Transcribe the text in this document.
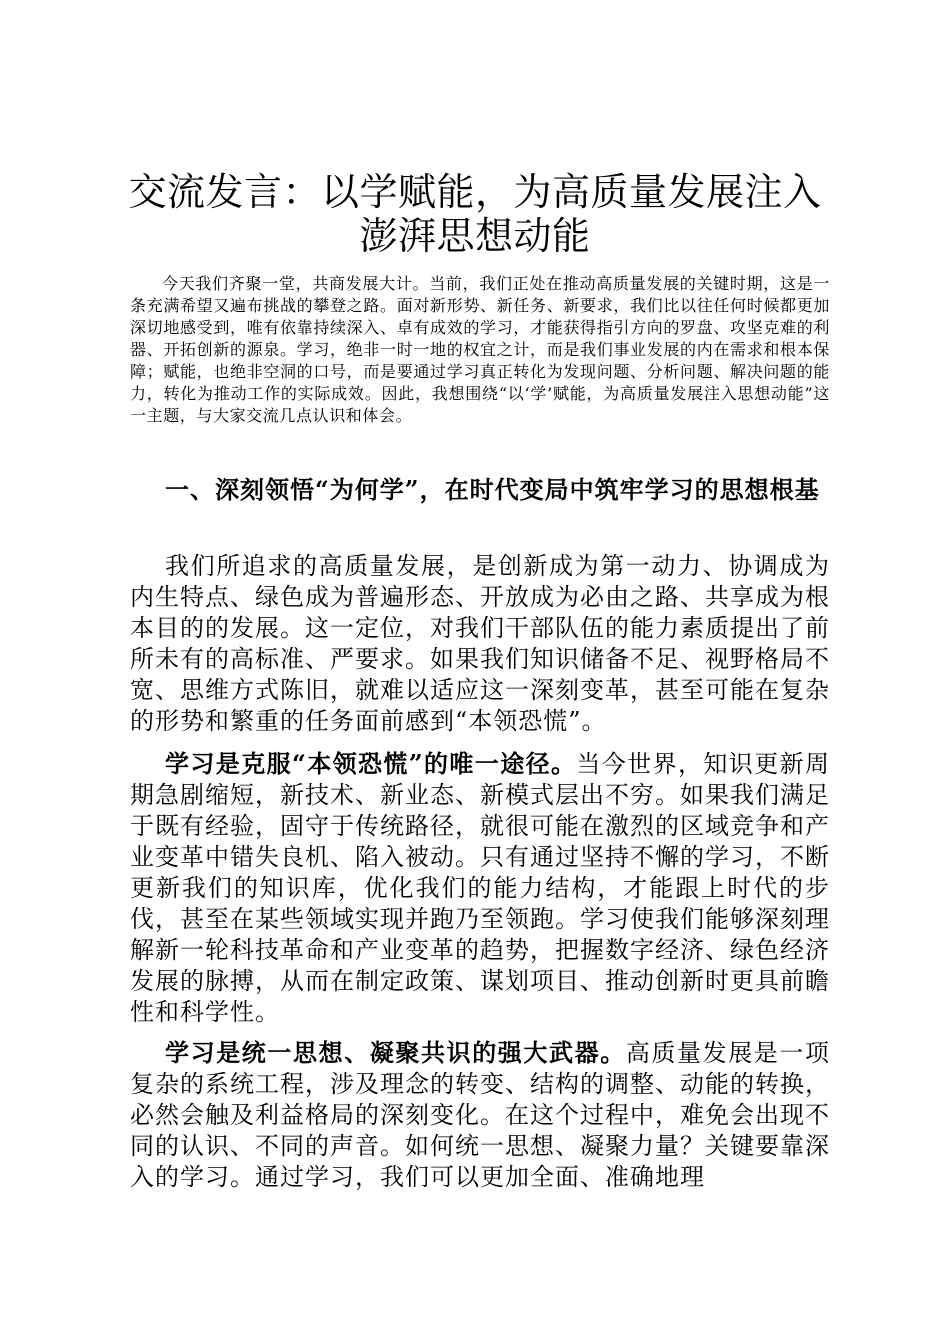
交流发言：以学赋能，为高质量发展注入澎湃思想动能

今天我们齐聚一堂，共商发展大计。当前，我们正处在推动高质量发展的关键时期，这是一条充满希望又遍布挑战的攀登之路。面对新形势、新任务、新要求，我们比以往任何时候都更加深切地感受到，唯有依靠持续深入、卓有成效的学习，才能获得指引方向的罗盘、攻坚克难的利器、开拓创新的源泉。学习，绝非一时一地的权宜之计，而是我们事业发展的内在需求和根本保障；赋能，也绝非空洞的口号，而是要通过学习真正转化为发现问题、分析问题、解决问题的能力，转化为推动工作的实际成效。因此，我想围绕“以‘学’赋能，为高质量发展注入思想动能”这一主题，与大家交流几点认识和体会。

一、深刻领悟“为何学”，在时代变局中筑牢学习的思想根基

我们所追求的高质量发展，是创新成为第一动力、协调成为内生特点、绿色成为普遍形态、开放成为必由之路、共享成为根本目的的发展。这一定位，对我们干部队伍的能力素质提出了前所未有的高标准、严要求。如果我们知识储备不足、视野格局不宽、思维方式陈旧，就难以适应这一深刻变革，甚至可能在复杂的形势和繁重的任务面前感到“本领恐慌”。

学习是克服“本领恐慌”的唯一途径。当今世界，知识更新周期急剧缩短，新技术、新业态、新模式层出不穷。如果我们满足于既有经验，固守于传统路径，就很可能在激烈的区域竞争和产业变革中错失良机、陷入被动。只有通过坚持不懈的学习，不断更新我们的知识库，优化我们的能力结构，才能跟上时代的步伐，甚至在某些领域实现并跑乃至领跑。学习使我们能够深刻理解新一轮科技革命和产业变革的趋势，把握数字经济、绿色经济发展的脉搏，从而在制定政策、谋划项目、推动创新时更具前瞻性和科学性。

学习是统一思想、凝聚共识的强大武器。高质量发展是一项复杂的系统工程，涉及理念的转变、结构的调整、动能的转换，必然会触及利益格局的深刻变化。在这个过程中，难免会出现不同的认识、不同的声音。如何统一思想、凝聚力量？关键要靠深入的学习。通过学习，我们可以更加全面、准确地理
